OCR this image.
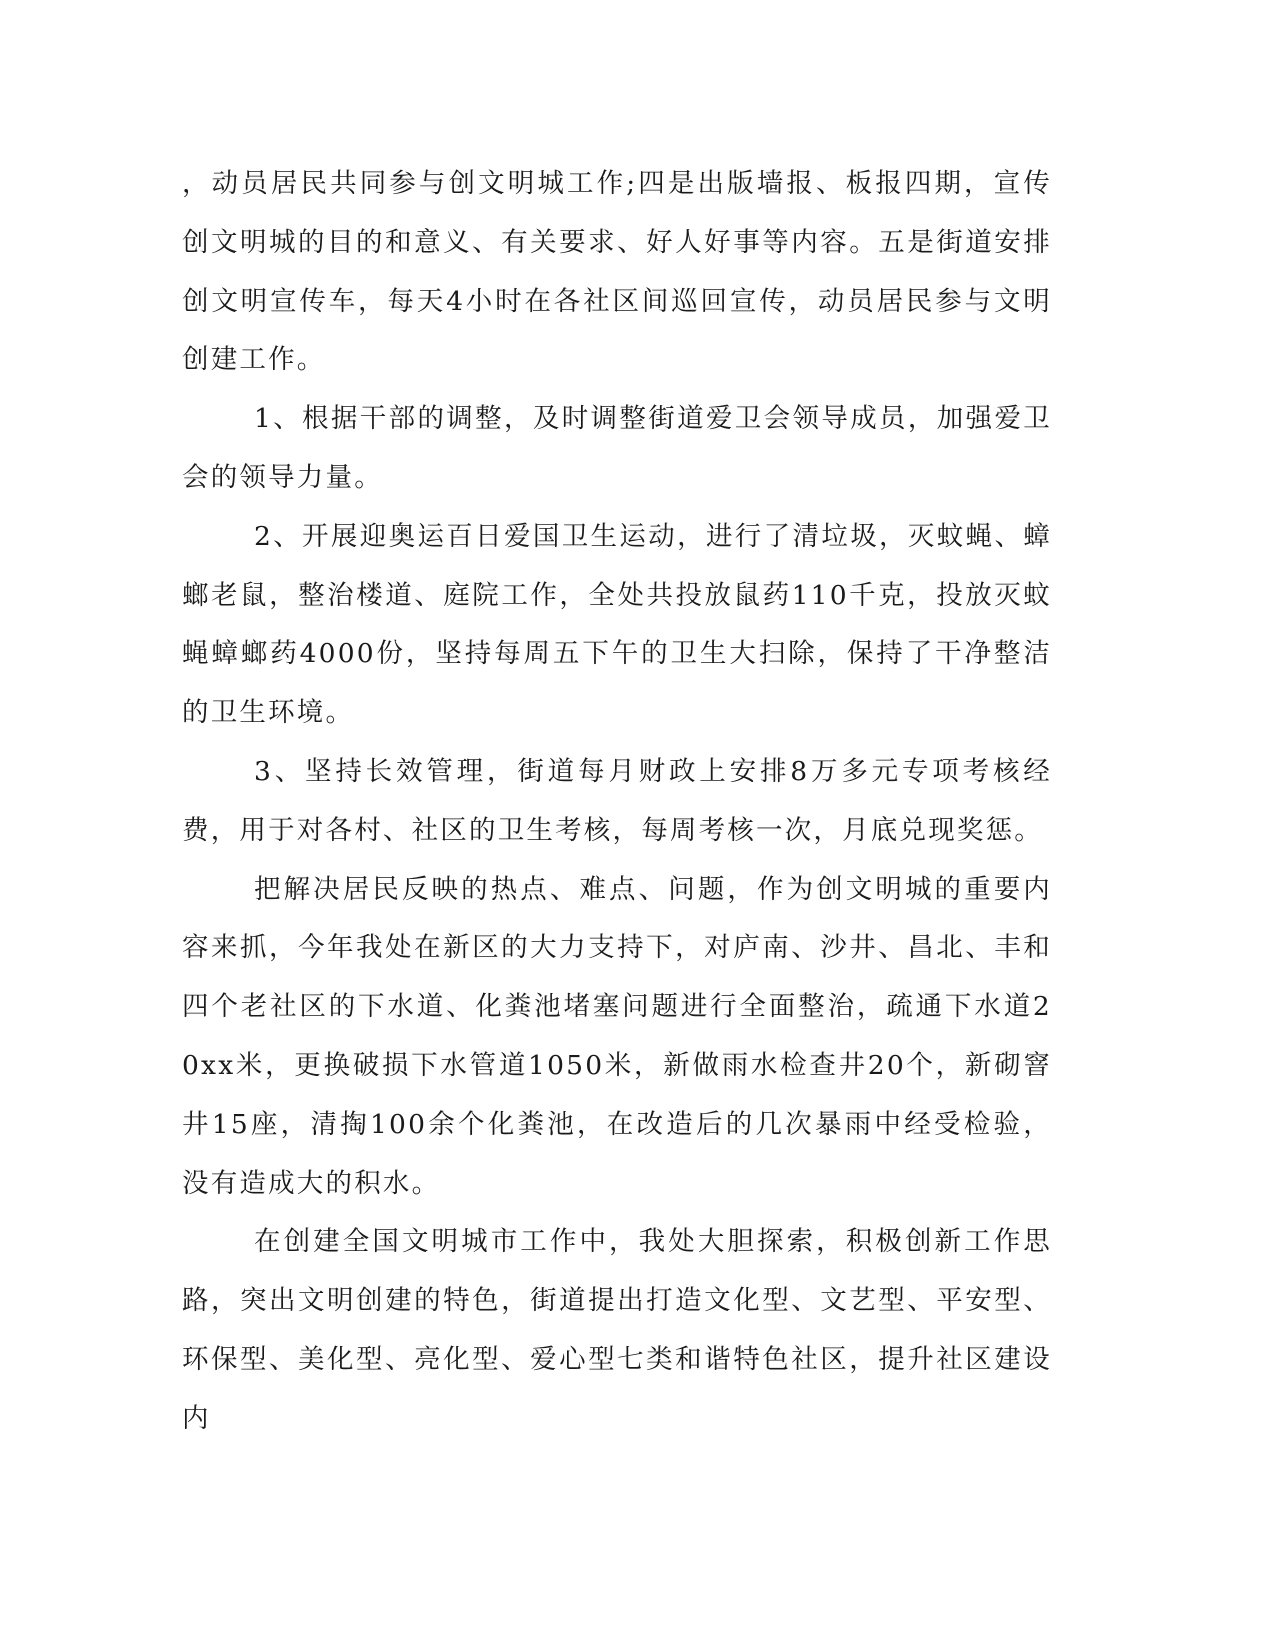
，动员居民共同参与创文明城工作;四是出版墙报、板报四期，宣传创文明城的目的和意义、有关要求、好人好事等内容。五是街道安排创文明宣传车，每天4小时在各社区间巡回宣传，动员居民参与文明创建工作。

1、根据干部的调整，及时调整街道爱卫会领导成员，加强爱卫会的领导力量。

2、开展迎奥运百日爱国卫生运动，进行了清垃圾，灭蚊蝇、蟑螂老鼠，整治楼道、庭院工作，全处共投放鼠药110千克，投放灭蚊蝇蟑螂药4000份，坚持每周五下午的卫生大扫除，保持了干净整洁的卫生环境。

3、坚持长效管理，街道每月财政上安排8万多元专项考核经费，用于对各村、社区的卫生考核，每周考核一次，月底兑现奖惩。

把解决居民反映的热点、难点、问题，作为创文明城的重要内容来抓，今年我处在新区的大力支持下，对庐南、沙井、昌北、丰和四个老社区的下水道、化粪池堵塞问题进行全面整治，疏通下水道20xx米，更换破损下水管道1050米，新做雨水检查井20个，新砌窨井15座，清掏100余个化粪池，在改造后的几次暴雨中经受检验，没有造成大的积水。

在创建全国文明城市工作中，我处大胆探索，积极创新工作思路，突出文明创建的特色，街道提出打造文化型、文艺型、平安型、环保型、美化型、亮化型、爱心型七类和谐特色社区，提升社区建设内
